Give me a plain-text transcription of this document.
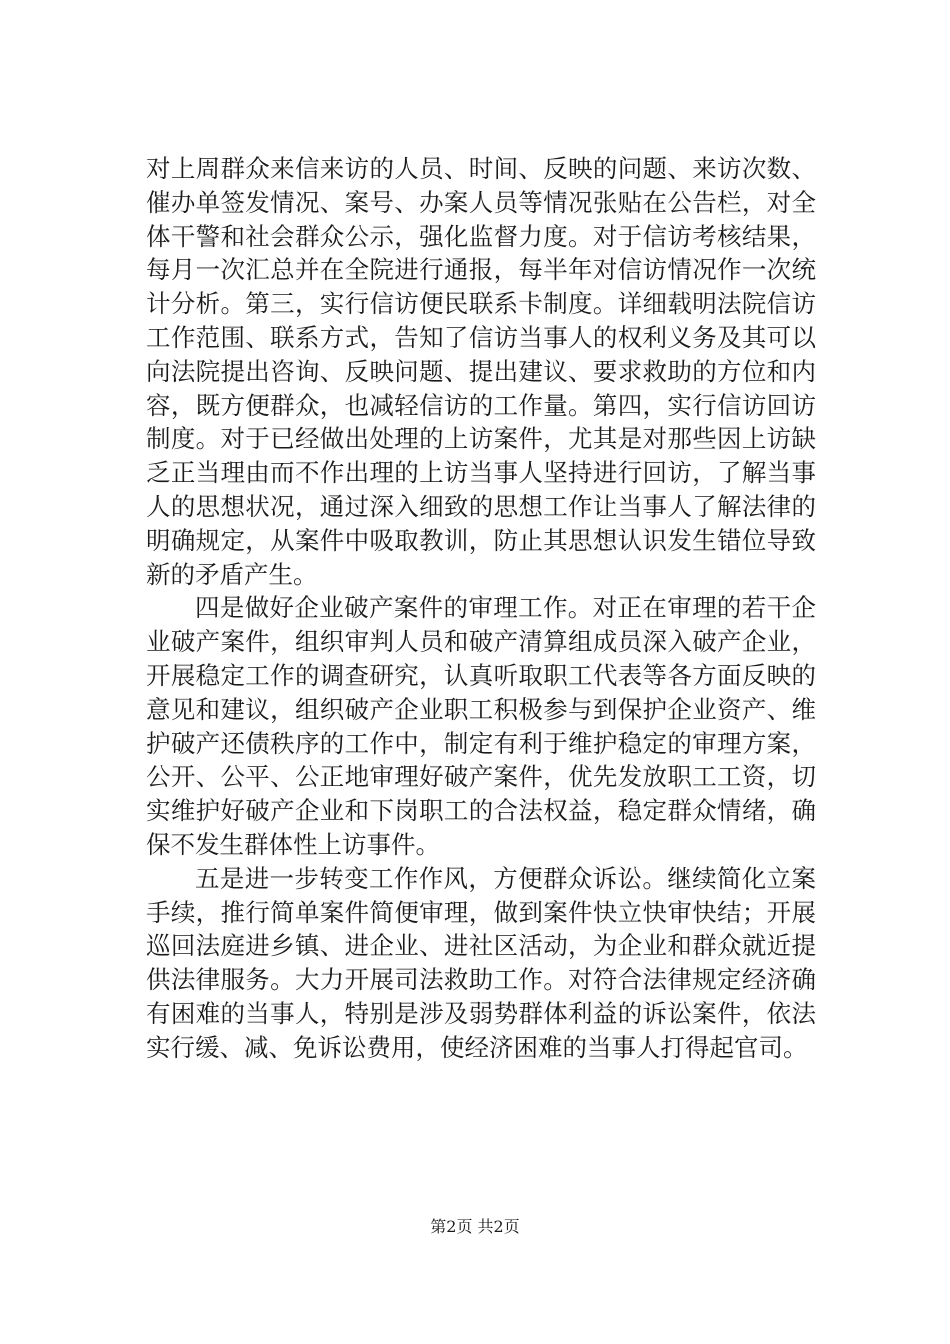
对上周群众来信来访的人员、时间、反映的问题、来访次数、
催办单签发情况、案号、办案人员等情况张贴在公告栏，对全
体干警和社会群众公示，强化监督力度。对于信访考核结果，
每月一次汇总并在全院进行通报，每半年对信访情况作一次统
计分析。第三，实行信访便民联系卡制度。详细载明法院信访
工作范围、联系方式，告知了信访当事人的权利义务及其可以
向法院提出咨询、反映问题、提出建议、要求救助的方位和内
容，既方便群众，也减轻信访的工作量。第四，实行信访回访
制度。对于已经做出处理的上访案件，尤其是对那些因上访缺
乏正当理由而不作出理的上访当事人坚持进行回访，了解当事
人的思想状况，通过深入细致的思想工作让当事人了解法律的
明确规定，从案件中吸取教训，防止其思想认识发生错位导致
新的矛盾产生。
四是做好企业破产案件的审理工作。对正在审理的若干企
业破产案件，组织审判人员和破产清算组成员深入破产企业，
开展稳定工作的调查研究，认真听取职工代表等各方面反映的
意见和建议，组织破产企业职工积极参与到保护企业资产、维
护破产还债秩序的工作中，制定有利于维护稳定的审理方案，
公开、公平、公正地审理好破产案件，优先发放职工工资，切
实维护好破产企业和下岗职工的合法权益，稳定群众情绪，确
保不发生群体性上访事件。
五是进一步转变工作作风，方便群众诉讼。继续简化立案
手续，推行简单案件简便审理，做到案件快立快审快结；开展
巡回法庭进乡镇、进企业、进社区活动，为企业和群众就近提
供法律服务。大力开展司法救助工作。对符合法律规定经济确
有困难的当事人，特别是涉及弱势群体利益的诉讼案件，依法
实行缓、减、免诉讼费用，使经济困难的当事人打得起官司。
第2页 共2页
